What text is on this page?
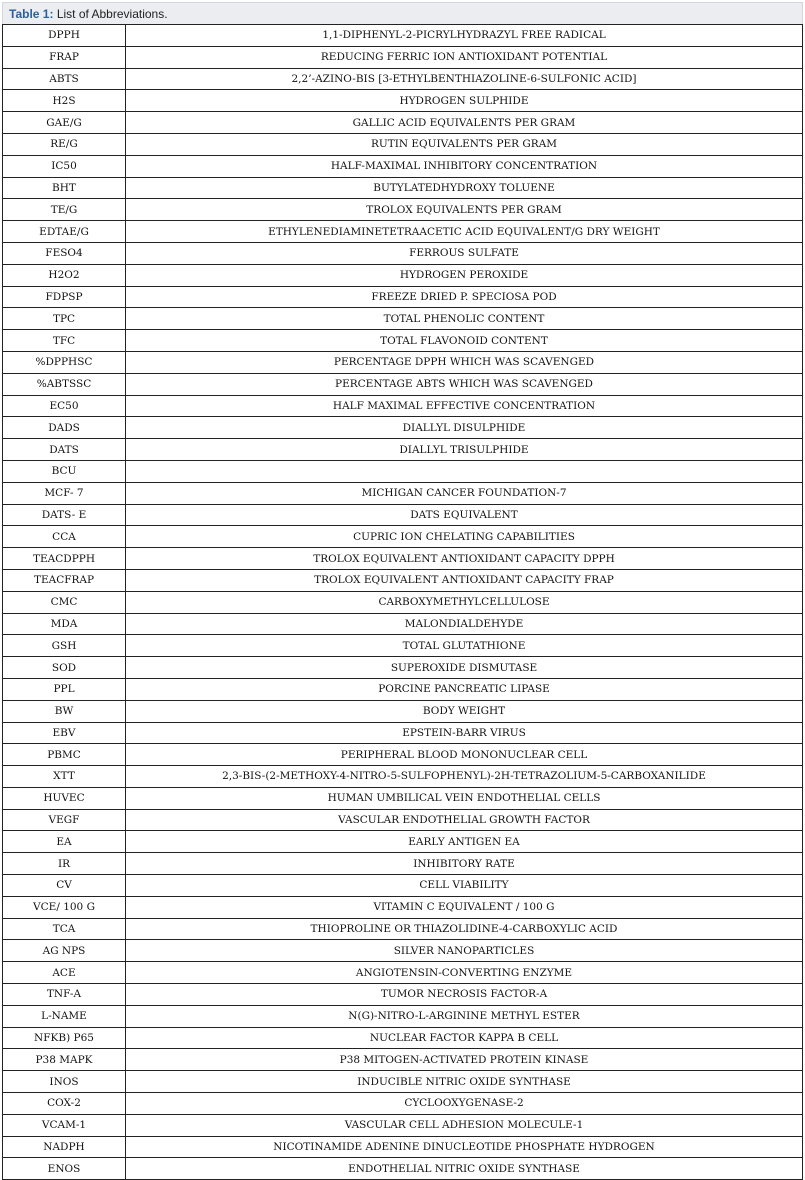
Table 1: List of Abbreviations.
DPPH	1,1-DIPHENYL-2-PICRYLHYDRAZYL FREE RADICAL
FRAP	REDUCING FERRIC ION ANTIOXIDANT POTENTIAL
ABTS	2,2’-AZINO-BIS [3-ETHYLBENTHIAZOLINE-6-SULFONIC ACID]
H2S	HYDROGEN SULPHIDE
GAE/G	GALLIC ACID EQUIVALENTS PER GRAM
RE/G	RUTIN EQUIVALENTS PER GRAM
IC50	HALF-MAXIMAL INHIBITORY CONCENTRATION
BHT	BUTYLATEDHYDROXY TOLUENE
TE/G	TROLOX EQUIVALENTS PER GRAM
EDTAE/G	ETHYLENEDIAMINETETRAACETIC ACID EQUIVALENT/G DRY WEIGHT
FESO4	FERROUS SULFATE
H2O2	HYDROGEN PEROXIDE
FDPSP	FREEZE DRIED P. SPECIOSA POD
TPC	TOTAL PHENOLIC CONTENT
TFC	TOTAL FLAVONOID CONTENT
%DPPHSC	PERCENTAGE DPPH WHICH WAS SCAVENGED
%ABTSSC	PERCENTAGE ABTS WHICH WAS SCAVENGED
EC50	HALF MAXIMAL EFFECTIVE CONCENTRATION
DADS	DIALLYL DISULPHIDE
DATS	DIALLYL TRISULPHIDE
BCU	
MCF- 7	MICHIGAN CANCER FOUNDATION-7
DATS- E	DATS EQUIVALENT
CCA	CUPRIC ION CHELATING CAPABILITIES
TEACDPPH	TROLOX EQUIVALENT ANTIOXIDANT CAPACITY DPPH
TEACFRAP	TROLOX EQUIVALENT ANTIOXIDANT CAPACITY FRAP
CMC	CARBOXYMETHYLCELLULOSE
MDA	MALONDIALDEHYDE
GSH	TOTAL GLUTATHIONE
SOD	SUPEROXIDE DISMUTASE
PPL	PORCINE PANCREATIC LIPASE
BW	BODY WEIGHT
EBV	EPSTEIN-BARR VIRUS
PBMC	PERIPHERAL BLOOD MONONUCLEAR CELL
XTT	2,3-BIS-(2-METHOXY-4-NITRO-5-SULFOPHENYL)-2H-TETRAZOLIUM-5-CARBOXANILIDE
HUVEC	HUMAN UMBILICAL VEIN ENDOTHELIAL CELLS
VEGF	VASCULAR ENDOTHELIAL GROWTH FACTOR
EA	EARLY ANTIGEN EA
IR	INHIBITORY RATE
CV	CELL VIABILITY
VCE/ 100 G	VITAMIN C EQUIVALENT / 100 G
TCA	THIOPROLINE OR THIAZOLIDINE-4-CARBOXYLIC ACID
AG NPS	SILVER NANOPARTICLES
ACE	ANGIOTENSIN-CONVERTING ENZYME
TNF-A	TUMOR NECROSIS FACTOR-A
L-NAME	N(G)-NITRO-L-ARGININE METHYL ESTER
NFKB) P65	NUCLEAR FACTOR KAPPA B CELL
P38 MAPK	P38 MITOGEN-ACTIVATED PROTEIN KINASE
INOS	INDUCIBLE NITRIC OXIDE SYNTHASE
COX-2	CYCLOOXYGENASE-2
VCAM-1	VASCULAR CELL ADHESION MOLECULE-1
NADPH	NICOTINAMIDE ADENINE DINUCLEOTIDE PHOSPHATE HYDROGEN
ENOS	ENDOTHELIAL NITRIC OXIDE SYNTHASE
